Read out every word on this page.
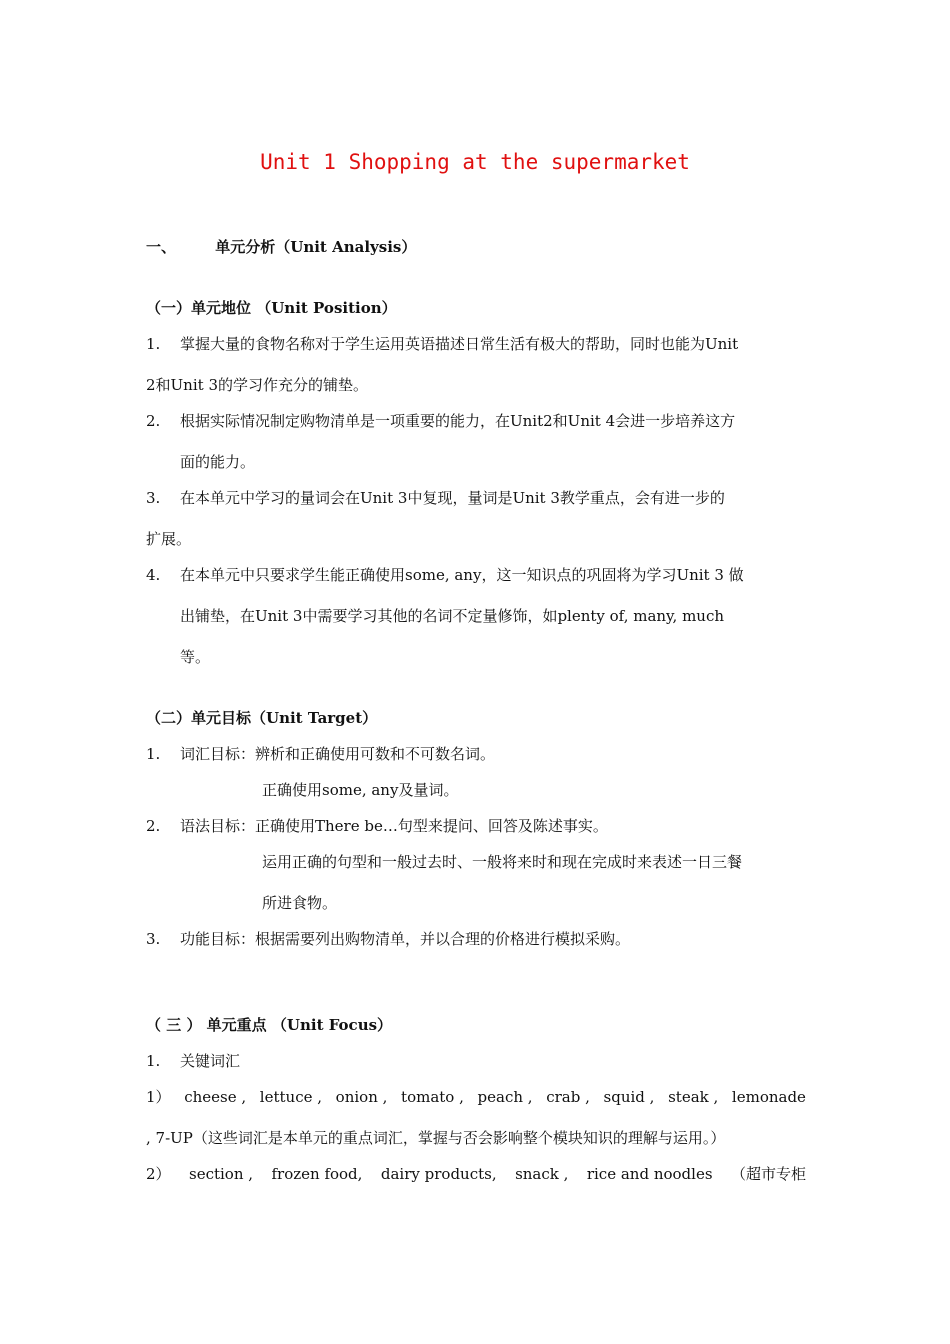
Unit 1 Shopping at the supermarket
一、	单元分析（Unit Analysis）
（一）单元地位 （Unit Position）
1.	掌握大量的食物名称对于学生运用英语描述日常生活有极大的帮助，同时也能为Unit
2和Unit 3的学习作充分的铺垫。
2. 根据实际情况制定购物清单是一项重要的能力，在Unit2和Unit 4会进一步培养这方
面的能力。
3. 在本单元中学习的量词会在Unit 3中复现，量词是Unit 3教学重点，会有进一步的
扩展。
4. 在本单元中只要求学生能正确使用some, any，这一知识点的巩固将为学习Unit 3 做
出铺垫，在Unit 3中需要学习其他的名词不定量修饰，如plenty of, many, much
等。
（二）单元目标（Unit Target）
1. 词汇目标：辨析和正确使用可数和不可数名词。
正确使用some, any及量词。
2. 语法目标：正确使用There be…句型来提问、回答及陈述事实。
运用正确的句型和一般过去时、一般将来时和现在完成时来表述一日三餐
所进食物。
3. 功能目标：根据需要列出购物清单，并以合理的价格进行模拟采购。
（ 三 ） 单元重点 （Unit Focus）
1. 关键词汇
1） cheese , lettuce , onion , tomato , peach , crab , squid , steak , lemonade
, 7-UP（这些词汇是本单元的重点词汇，掌握与否会影响整个模块知识的理解与运用。）
2） section , frozen food, dairy products, snack , rice and noodles （超市专柜
